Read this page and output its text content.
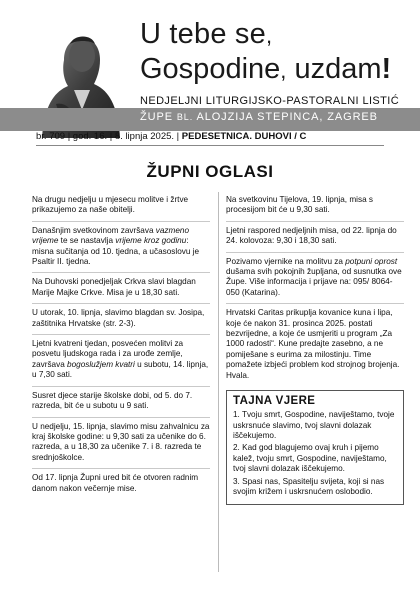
U tebe se,
Gospodine, uzdam!
NEDJELJNI LITURGIJSKO-PASTORALNI LISTIĆ
ŽUPE BL. ALOJZIJA STEPINCA, ZAGREB
br. 709 | god. 16. | 8. lipnja 2025. | PEDESETNICA. DUHOVI / C
ŽUPNI OGLASI
Na drugu nedjelju u mjesecu molitve i žrtve prikazujemo za naše obitelji.
Današnjim svetkovinom završava vazmeno vrijeme te se nastavlja vrijeme kroz godinu: misna sučitanja od 10. tjedna, a učasoslovu je Psaltir II. tjedna.
Na Duhovski ponedjeljak Crkva slavi blagdan Marije Majke Crkve. Misa je u 18,30 sati.
U utorak, 10. lipnja, slavimo blagdan sv. Josipa, zaštitnika Hrvatske (str. 2-3).
Ljetni kvatreni tjedan, posvećen molitvi za posvetu ljudskoga rada i za urođe zemlje, završava bogoslužjem kvatri u subotu, 14. lipnja, u 7,30 sati.
Susret djece starije školske dobi, od 5. do 7. razreda, bit će u subotu u 9 sati.
U nedjelju, 15. lipnja, slavimo misu zahvalnicu za kraj školske godine: u 9,30 sati za učenike do 6. razreda, a u 18,30 za učenike 7. i 8. razreda te srednjoškolce.
Od 17. lipnja Župni ured bit će otvoren radnim danom nakon večernje mise.
Na svetkovinu Tijelova, 19. lipnja, misa s procesijom bit će u 9,30 sati.
Ljetni raspored nedjeljnih misa, od 22. lipnja do 24. kolovoza: 9,30 i 18,30 sati.
Pozivamo vjernike na molitvu za potpuni oprost dušama svih pokojnih župljana, od susnutka ove Župe. Više informacija i prijave na: 095/ 8064-050 (Katarina).
Hrvatski Caritas prikuplja kovanice kuna i lipa, koje će nakon 31. prosinca 2025. postati bezvrijedne, a koje će usmjeriti u program „Za 1000 radosti“. Kune predajte zasebno, a ne pomiješane s eurima za milostinju. Time pomažete izbjeći problem kod strojnog brojenja. Hvala.
TAJNA VJERE
1. Tvoju smrt, Gospodine, naviještamo, tvoje uskrsnuće slavimo, tvoj slavni dolazak iščekujemo.
2. Kad god blagujemo ovaj kruh i pijemo kalež, tvoju smrt, Gospodine, naviještamo, tvoj slavni dolazak iščekujemo.
3. Spasi nas, Spasitelju svijeta, koji si nas svojim križem i uskrsnućem oslobodio.
